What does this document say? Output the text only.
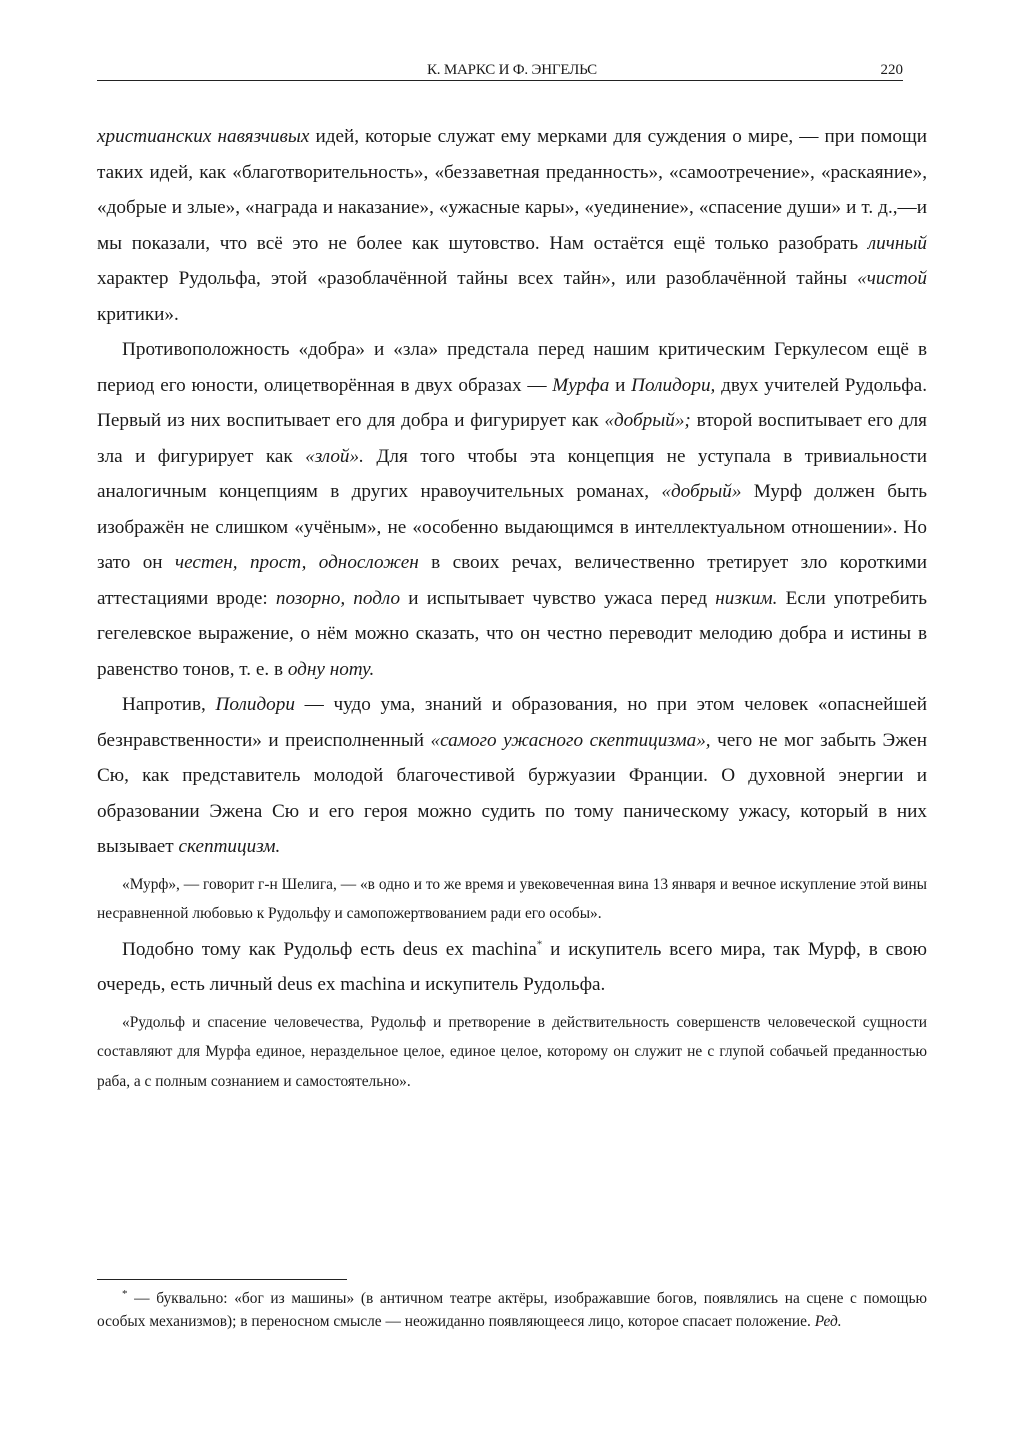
К. МАРКС И Ф. ЭНГЕЛЬС	220

христианских навязчивых идей, которые служат ему мерками для суждения о мире, — при помощи таких идей, как «благотворительность», «беззаветная преданность», «самоотречение», «раскаяние», «добрые и злые», «награда и наказание», «ужасные кары», «уединение», «спасение души» и т. д.,—и мы показали, что всё это не более как шутовство. Нам остаётся ещё только разобрать личный характер Рудольфа, этой «разоблачённой тайны всех тайн», или разоблачённой тайны «чистой критики».

Противоположность «добра» и «зла» предстала перед нашим критическим Геркулесом ещё в период его юности, олицетворённая в двух образах — Мурфа и Полидори, двух учителей Рудольфа. Первый из них воспитывает его для добра и фигурирует как «добрый»; второй воспитывает его для зла и фигурирует как «злой». Для того чтобы эта концепция не уступала в тривиальности аналогичным концепциям в других нравоучительных романах, «добрый» Мурф должен быть изображён не слишком «учёным», не «особенно выдающимся в интеллектуальном отношении». Но зато он честен, прост, односложен в своих речах, величественно третирует зло короткими аттестациями вроде: позорно, подло и испытывает чувство ужаса перед низким. Если употребить гегелевское выражение, о нём можно сказать, что он честно переводит мелодию добра и истины в равенство тонов, т. е. в одну ноту.

Напротив, Полидори — чудо ума, знаний и образования, но при этом человек «опаснейшей безнравственности» и преисполненный «самого ужасного скептицизма», чего не мог забыть Эжен Сю, как представитель молодой благочестивой буржуазии Франции. О духовной энергии и образовании Эжена Сю и его героя можно судить по тому паническому ужасу, который в них вызывает скептицизм.

«Мурф», — говорит г-н Шелига, — «в одно и то же время и увековеченная вина 13 января и вечное искупление этой вины несравненной любовью к Рудольфу и самопожертвованием ради его особы».

Подобно тому как Рудольф есть deus ex machina* и искупитель всего мира, так Мурф, в свою очередь, есть личный deus ex machina и искупитель Рудольфа.

«Рудольф и спасение человечества, Рудольф и претворение в действительность совершенств человеческой сущности составляют для Мурфа единое, нераздельное целое, единое целое, которому он служит не с глупой собачьей преданностью раба, а с полным сознанием и самостоятельно».

* — буквально: «бог из машины» (в античном театре актёры, изображавшие богов, появлялись на сцене с помощью особых механизмов); в переносном смысле — неожиданно появляющееся лицо, которое спасает положение. Ред.
